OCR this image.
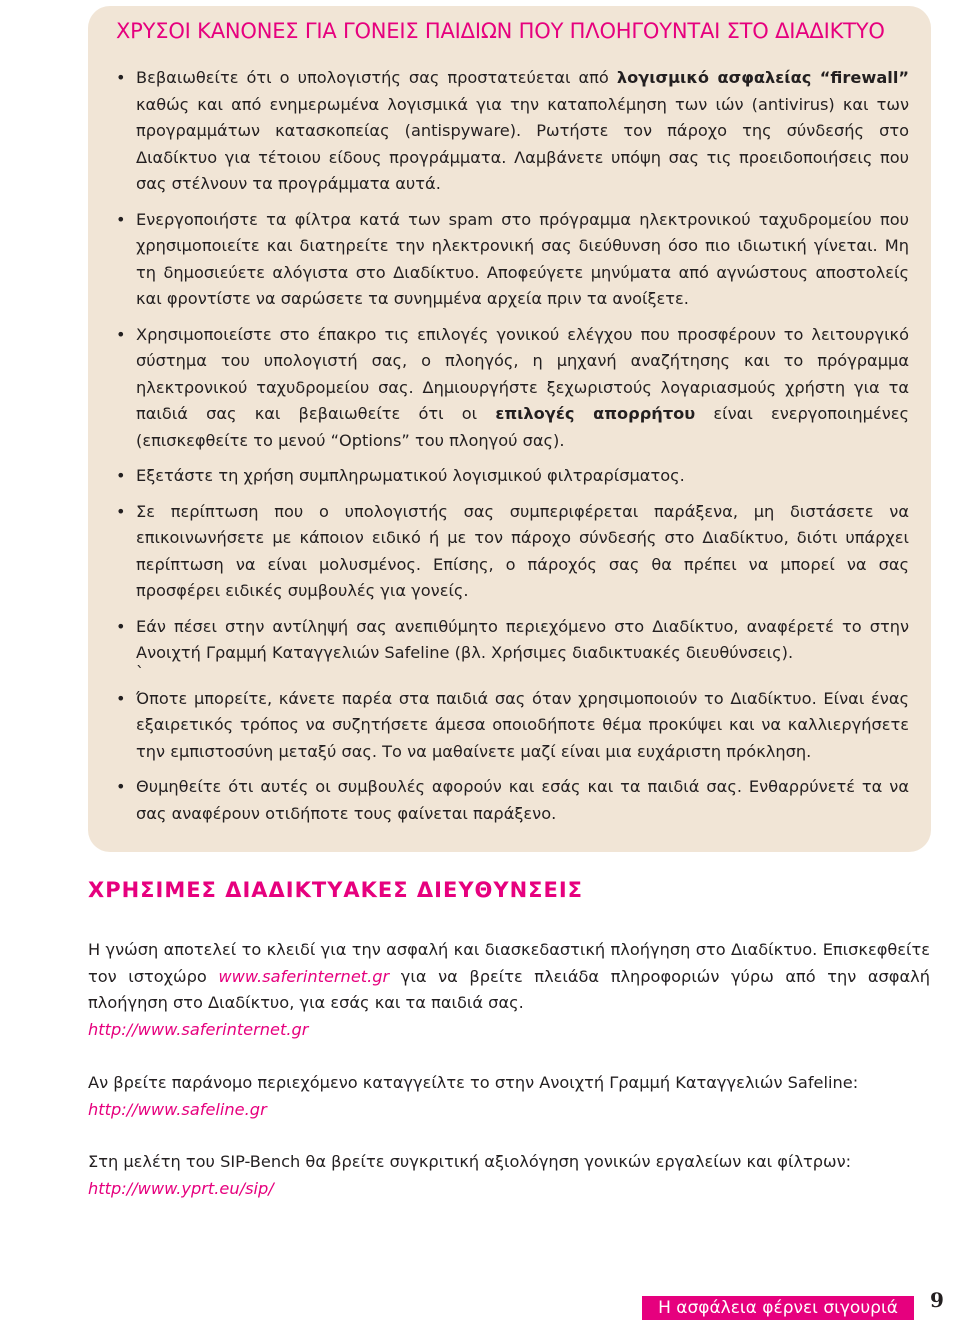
ΧΡΥΣΟΙ ΚΑΝΟΝΕΣ ΓΙΑ ΓΟΝΕΙΣ ΠΑΙΔΙΩΝ ΠΟΥ ΠΛΟΗΓΟΥΝΤΑΙ ΣΤΟ ΔΙΑΔΙΚΤΥΟ
• Βεβαιωθείτε ότι ο υπολογιστής σας προστατεύεται από λογισμικό ασφαλείας “firewall” καθώς και από ενημερωμένα λογισμικά για την καταπολέμηση των ιών (antivirus) και των προγραμμάτων κατασκοπείας (antispyware). Ρωτήστε τον πάροχο της σύνδεσής στο Διαδίκτυο για τέτοιου είδους προγράμματα. Λαμβάνετε υπόψη σας τις προειδοποιήσεις που σας στέλνουν τα προγράμματα αυτά.
• Ενεργοποιήστε τα φίλτρα κατά των spam στο πρόγραμμα ηλεκτρονικού ταχυδρομείου που χρησιμοποιείτε και διατηρείτε την ηλεκτρονική σας διεύθυνση όσο πιο ιδιωτική γίνεται. Μη τη δημοσιεύετε αλόγιστα στο Διαδίκτυο. Αποφεύγετε μηνύματα από αγνώστους αποστολείς και φροντίστε να σαρώσετε τα συνημμένα αρχεία πριν τα ανοίξετε.
• Χρησιμοποιείστε στο έπακρο τις επιλογές γονικού ελέγχου που προσφέρουν το λειτουργικό σύστημα του υπολογιστή σας, ο πλοηγός, η μηχανή αναζήτησης και το πρόγραμμα ηλεκτρονικού ταχυδρομείου σας. Δημιουργήστε ξεχωριστούς λογαριασμούς χρήστη για τα παιδιά σας και βεβαιωθείτε ότι οι επιλογές απορρήτου είναι ενεργοποιημένες (επισκεφθείτε το μενού “Options” του πλοηγού σας).
• Εξετάστε τη χρήση συμπληρωματικού λογισμικού φιλτραρίσματος.
• Σε περίπτωση που ο υπολογιστής σας συμπεριφέρεται παράξενα, μη διστάσετε να επικοινωνήσετε με κάποιον ειδικό ή με τον πάροχο σύνδεσής στο Διαδίκτυο, διότι υπάρχει περίπτωση να είναι μολυσμένος. Επίσης, ο πάροχός σας θα πρέπει να μπορεί να σας προσφέρει ειδικές συμβουλές για γονείς.
• Εάν πέσει στην αντίληψή σας ανεπιθύμητο περιεχόμενο στο Διαδίκτυο, αναφέρετέ το στην Ανοιχτή Γραμμή Καταγγελιών Safeline (βλ. Χρήσιμες διαδικτυακές διευθύνσεις).
`
• Όποτε μπορείτε, κάνετε παρέα στα παιδιά σας όταν χρησιμοποιούν το Διαδίκτυο. Είναι ένας εξαιρετικός τρόπος να συζητήσετε άμεσα οποιοδήποτε θέμα προκύψει και να καλλιεργήσετε την εμπιστοσύνη μεταξύ σας. Το να μαθαίνετε μαζί είναι μια ευχάριστη πρόκληση.
• Θυμηθείτε ότι αυτές οι συμβουλές αφορούν και εσάς και τα παιδιά σας. Ενθαρρύνετέ τα να σας αναφέρουν οτιδήποτε τους φαίνεται παράξενο.
ΧΡΗΣΙΜΕΣ ΔΙΑΔΙΚΤΥΑΚΕΣ ΔΙΕΥΘΥΝΣΕΙΣ

Η γνώση αποτελεί το κλειδί για την ασφαλή και διασκεδαστική πλοήγηση στο Διαδίκτυο. Επισκεφθείτε τον ιστοχώρο www.saferinternet.gr για να βρείτε πλειάδα πληροφοριών γύρω από την ασφαλή πλοήγηση στο Διαδίκτυο, για εσάς και τα παιδιά σας.
http://www.saferinternet.gr

Αν βρείτε παράνομο περιεχόμενο καταγγείλτε το στην Ανοιχτή Γραμμή Καταγγελιών Safeline:
http://www.safeline.gr

Στη μελέτη του SIP-Bench θα βρείτε συγκριτική αξιολόγηση γονικών εργαλείων και φίλτρων:
http://www.yprt.eu/sip/

Η ασφάλεια φέρνει σιγουριά	9
